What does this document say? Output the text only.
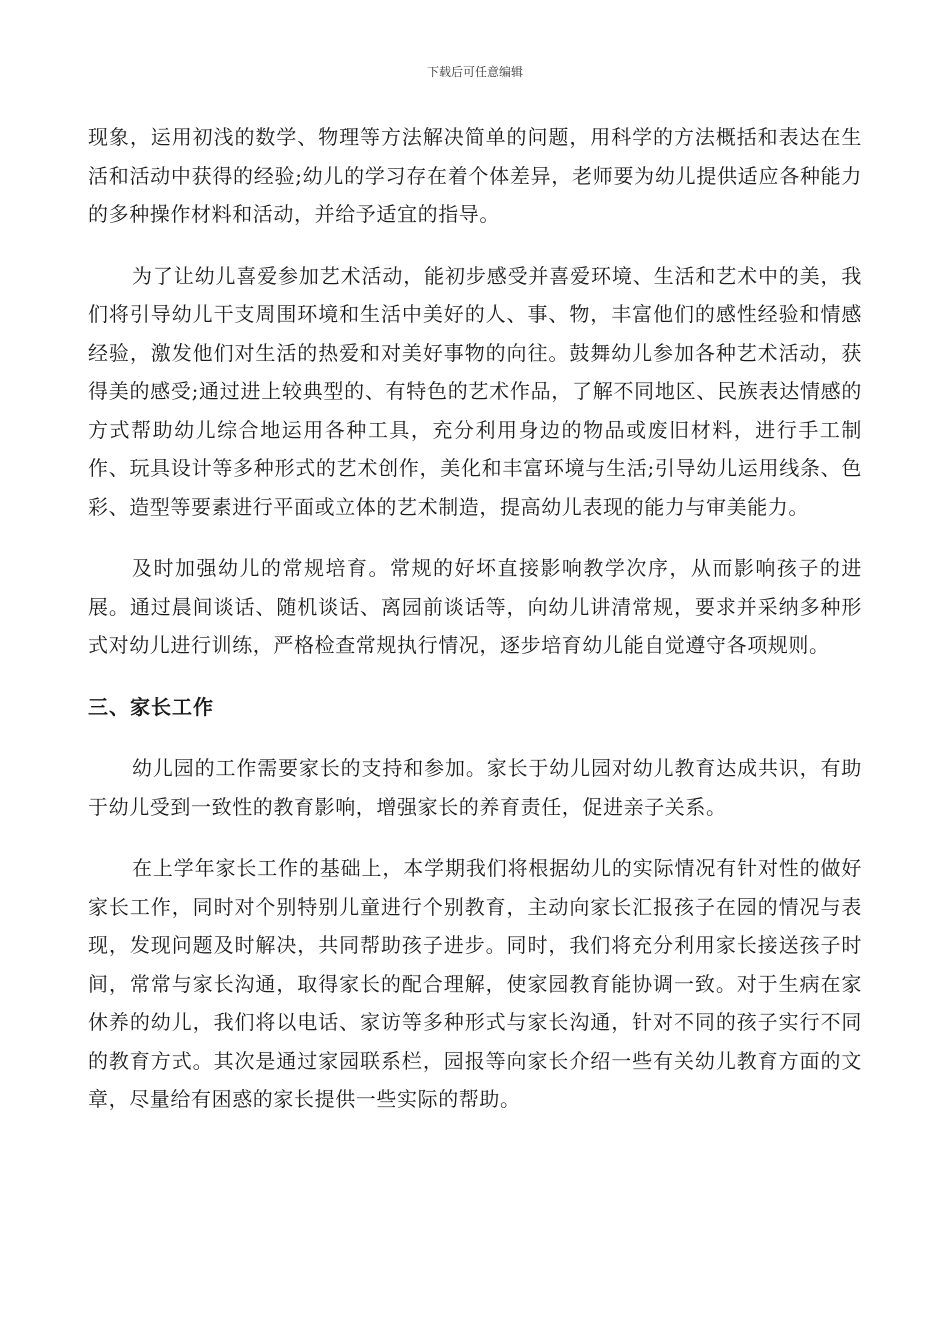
下载后可任意编辑

现象，运用初浅的数学、物理等方法解决简单的问题，用科学的方法概括和表达在生活和活动中获得的经验;幼儿的学习存在着个体差异，老师要为幼儿提供适应各种能力的多种操作材料和活动，并给予适宜的指导。

为了让幼儿喜爱参加艺术活动，能初步感受并喜爱环境、生活和艺术中的美，我们将引导幼儿干支周围环境和生活中美好的人、事、物，丰富他们的感性经验和情感经验，激发他们对生活的热爱和对美好事物的向往。鼓舞幼儿参加各种艺术活动，获得美的感受;通过进上较典型的、有特色的艺术作品，了解不同地区、民族表达情感的方式帮助幼儿综合地运用各种工具，充分利用身边的物品或废旧材料，进行手工制作、玩具设计等多种形式的艺术创作，美化和丰富环境与生活;引导幼儿运用线条、色彩、造型等要素进行平面或立体的艺术制造，提高幼儿表现的能力与审美能力。

及时加强幼儿的常规培育。常规的好坏直接影响教学次序，从而影响孩子的进展。通过晨间谈话、随机谈话、离园前谈话等，向幼儿讲清常规，要求并采纳多种形式对幼儿进行训练，严格检查常规执行情况，逐步培育幼儿能自觉遵守各项规则。

三、家长工作

幼儿园的工作需要家长的支持和参加。家长于幼儿园对幼儿教育达成共识，有助于幼儿受到一致性的教育影响，增强家长的养育责任，促进亲子关系。

在上学年家长工作的基础上，本学期我们将根据幼儿的实际情况有针对性的做好家长工作，同时对个别特别儿童进行个别教育，主动向家长汇报孩子在园的情况与表现，发现问题及时解决，共同帮助孩子进步。同时，我们将充分利用家长接送孩子时间，常常与家长沟通，取得家长的配合理解，使家园教育能协调一致。对于生病在家休养的幼儿，我们将以电话、家访等多种形式与家长沟通，针对不同的孩子实行不同的教育方式。其次是通过家园联系栏，园报等向家长介绍一些有关幼儿教育方面的文章，尽量给有困惑的家长提供一些实际的帮助。
